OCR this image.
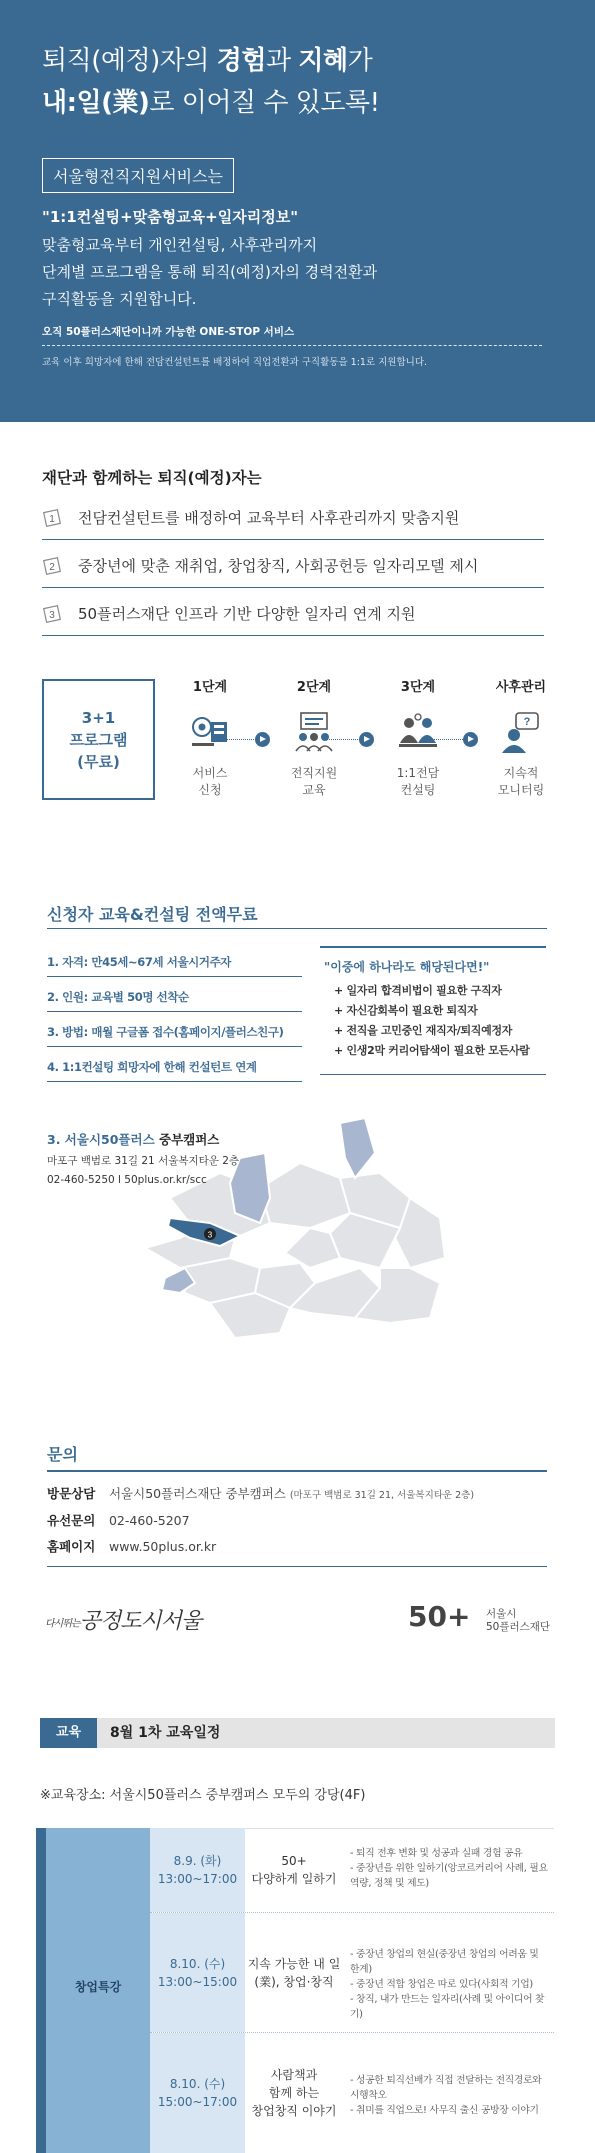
퇴직(예정)자의 경험과 지혜가
내:일(業)로 이어질 수 있도록!
서울형전직지원서비스는
"1:1컨설팅+맞춤형교육+일자리정보"
맞춤형교육부터 개인컨설팅, 사후관리까지
단계별 프로그램을 통해 퇴직(예정)자의 경력전환과
구직활동을 지원합니다.
오직 50플러스재단이니까 가능한 ONE-STOP 서비스
교육 이후 희망자에 한해 전담컨설턴트를 배정하여 직업전환과 구직활동을 1:1로 지원합니다.
재단과 함께하는 퇴직(예정)자는
1 전담컨설턴트를 배정하여 교육부터 사후관리까지 맞춤지원
2 중장년에 맞춘 재취업, 창업창직, 사회공헌등 일자리모델 제시
3 50플러스재단 인프라 기반 다양한 일자리 연계 지원
3+1
프로그램
(무료)
1단계
서비스
신청
2단계
전직지원
교육
3단계
1:1전담
컨설팅
사후관리
?
지속적
모니터링
신청자 교육&컨설팅 전액무료
1. 자격: 만45세~67세 서울시거주자
2. 인원: 교육별 50명 선착순
3. 방법: 매월 구글폼 접수(홈페이지/플러스친구)
4. 1:1컨설팅 희망자에 한해 컨설턴트 연계
"이중에 하나라도 해당된다면!"
+ 일자리 합격비법이 필요한 구직자
+ 자신감회복이 필요한 퇴직자
+ 전직을 고민중인 재직자/퇴직예정자
+ 인생2막 커리어탐색이 필요한 모든사람
3
3. 서울시50플러스 중부캠퍼스
마포구 백범로 31길 21 서울복지타운 2층
02-460-5250 l 50plus.or.kr/scc
문의
방문상담 서울시50플러스재단 중부캠퍼스 (마포구 백범로 31길 21, 서울복지타운 2층)
유선문의 02-460-5207
홈페이지 www.50plus.or.kr
다시뛰는공정도시서울	50+ 서울시
50플러스재단
교육	8월 1차 교육일정
※교육장소: 서울시50플러스 중부캠퍼스 모두의 강당(4F)
창업특강
8.9. (화)
13:00~17:00
50+
다양하게 일하기
- 퇴직 전후 변화 및 성공과 실패 경험 공유
- 중장년을 위한 일하기(앙코르커리어 사례, 필요역량, 정책 및 제도)
8.10. (수)
13:00~15:00
지속 가능한 내 일
(業), 창업·창직
- 중장년 창업의 현실(중장년 창업의 어려움 및 한계)
- 중장년 적합 창업은 따로 있다(사회적 기업)
- 창직, 내가 만드는 일자리(사례 및 아이디어 찾기)
8.10. (수)
15:00~17:00
사람책과
함께 하는
창업창직 이야기
- 성공한 퇴직선배가 직접 전달하는 전직경로와 시행착오
- 취미를 직업으로! 사무직 출신 공방장 이야기
